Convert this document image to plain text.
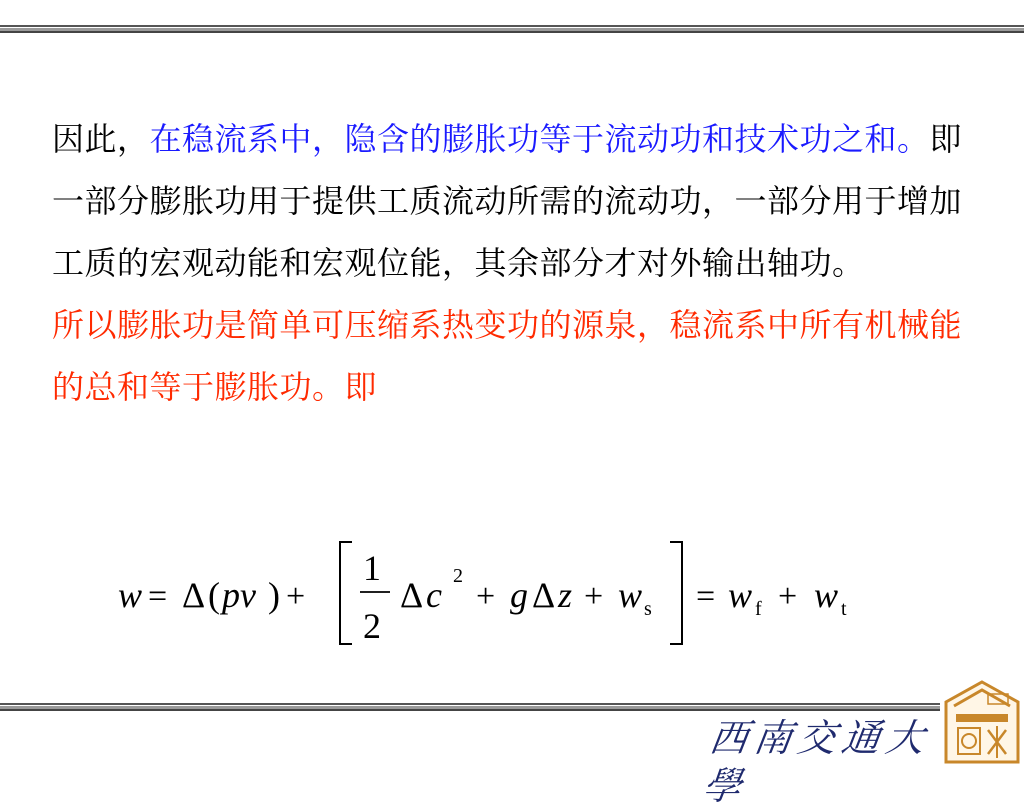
因此，在稳流系中，隐含的膨胀功等于流动功和技术功之和。即一部分膨胀功用于提供工质流动所需的流动功，一部分用于增加工质的宏观动能和宏观位能，其余部分才对外输出轴功。

所以膨胀功是简单可压缩系热变功的源泉，稳流系中所有机械能的总和等于膨胀功。即

w = Δ ( pv ) +
1
2
Δ c 2
+ g Δ z + w s = w f + w t
西南交通大學
